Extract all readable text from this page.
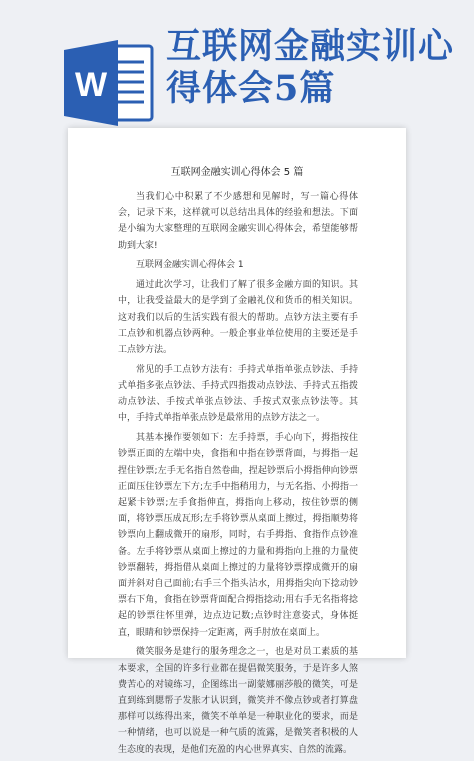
W
互联网金融实训心得体会5篇
互联网金融实训心得体会 5 篇

当我们心中积累了不少感想和见解时，写一篇心得体会，记录下来，这样就可以总结出具体的经验和想法。下面是小编为大家整理的互联网金融实训心得体会，希望能够帮助到大家!

互联网金融实训心得体会 1

通过此次学习，让我们了解了很多金融方面的知识。其中，让我受益最大的是学到了金融礼仪和货币的相关知识。这对我们以后的生活实践有很大的帮助。点钞方法主要有手工点钞和机器点钞两种。一般企事业单位使用的主要还是手工点钞方法。

常见的手工点钞方法有：手持式单指单张点钞法、手持式单指多张点钞法、手持式四指拨动点钞法、手持式五指拨动点钞法、手按式单张点钞法、手按式双张点钞法等。其中，手持式单指单张点钞是最常用的点钞方法之一。

其基本操作要领如下：左手持票，手心向下，拇指按住钞票正面的左端中央，食指和中指在钞票背面，与拇指一起捏住钞票;左手无名指自然卷曲，捏起钞票后小拇指伸向钞票正面压住钞票左下方;左手中指稍用力，与无名指、小拇指一起紧卡钞票;左手食指伸直，拇指向上移动，按住钞票的侧面，将钞票压成瓦形;左手将钞票从桌面上擦过，拇指顺势将钞票向上翻成微开的扇形，同时，右手拇指、食指作点钞准备。左手将钞票从桌面上擦过的力量和拇指向上推的力量使钞票翻转，拇指借从桌面上擦过的力量将钞票撑成微开的扇面并斜对自己面前;右手三个指头沾水，用拇指尖向下捻动钞票右下角，食指在钞票背面配合拇指捻动;用右手无名指将捻起的钞票往怀里弹，边点边记数;点钞时注意姿式，身体挺直，眼睛和钞票保持一定距离，两手肘放在桌面上。

微笑服务是建行的服务理念之一，也是对员工素质的基本要求，全国的许多行业都在提倡微笑服务，于是许多人煞费苦心的对镜练习，企图练出一副蒙娜丽莎般的微笑，可是直到练到腮帮子发胀才认识到，微笑并不像点钞或者打算盘那样可以练得出来，微笑不单单是一种职业化的要求，而是一种情绪，也可以说是一种气质的流露，是微笑者积极的人生态度的表现，是他们充盈的内心世界真实、自然的流露。
